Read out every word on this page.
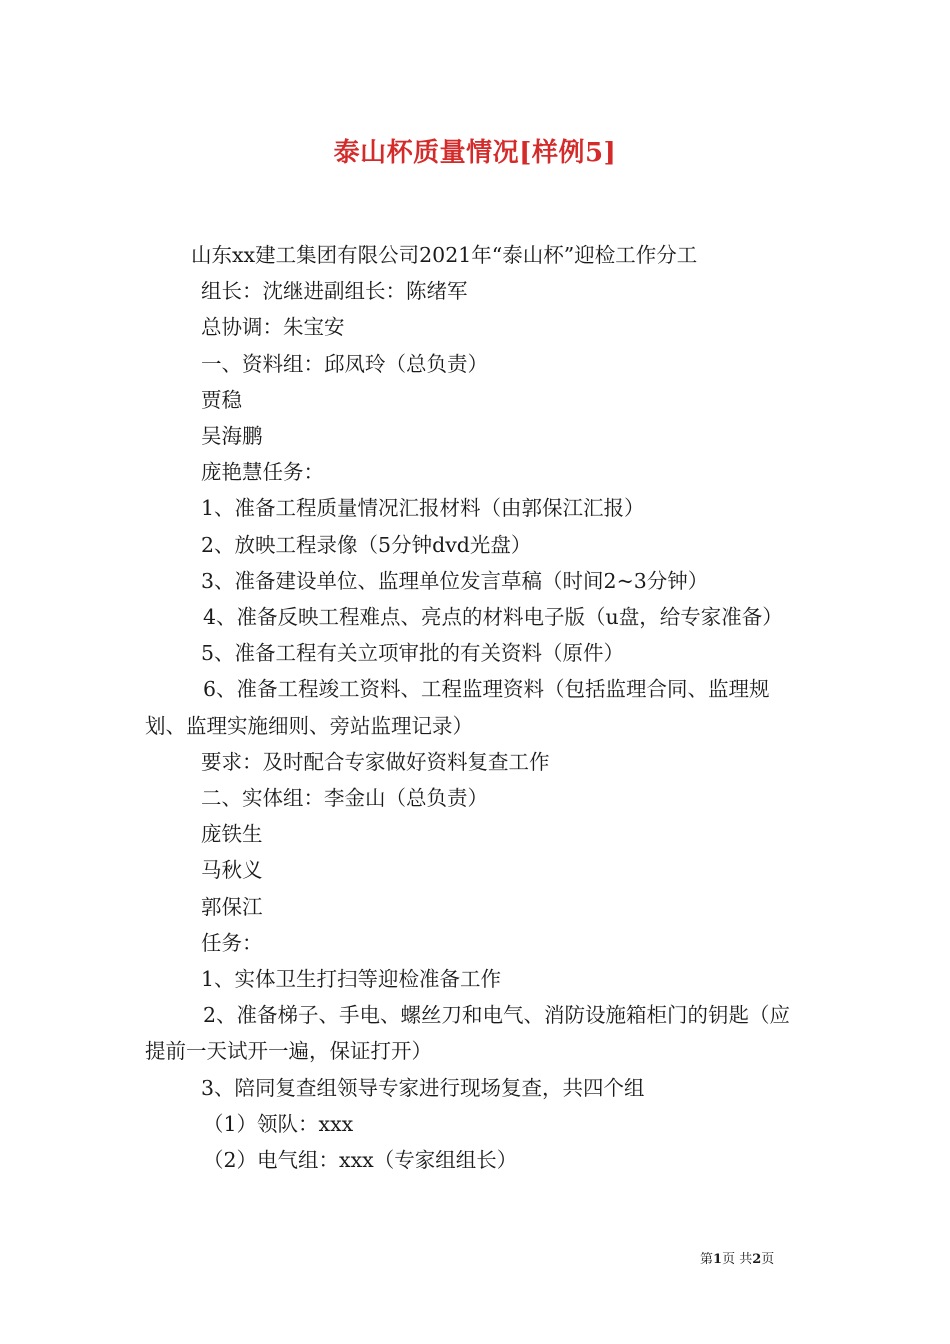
泰山杯质量情况[样例5]
山东xx建工集团有限公司2021年“泰山杯”迎检工作分工
组长：沈继进副组长：陈绪军
总协调：朱宝安
一、资料组：邱凤玲（总负责）
贾稳
吴海鹏
庞艳慧任务：
1、准备工程质量情况汇报材料（由郭保江汇报）
2、放映工程录像（5分钟dvd光盘）
3、准备建设单位、监理单位发言草稿（时间2~3分钟）
4、准备反映工程难点、亮点的材料电子版（u盘，给专家准备）
5、准备工程有关立项审批的有关资料（原件）
6、准备工程竣工资料、工程监理资料（包括监理合同、监理规划、监理实施细则、旁站监理记录）
要求：及时配合专家做好资料复查工作
二、实体组：李金山（总负责）
庞铁生
马秋义
郭保江
任务：
1、实体卫生打扫等迎检准备工作
2、准备梯子、手电、螺丝刀和电气、消防设施箱柜门的钥匙（应提前一天试开一遍，保证打开）
3、陪同复查组领导专家进行现场复查，共四个组
（1）领队：xxx
（2）电气组：xxx（专家组组长）
第1页 共2页
